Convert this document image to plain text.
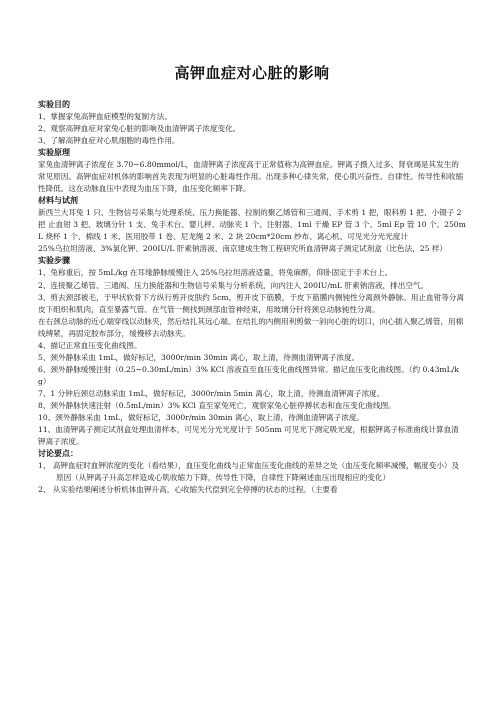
高钾血症对心脏的影响

实验目的

1、掌握家兔高钾血症模型的复制方法。

2、观察高钾血症对家兔心脏的影响及血清钾离子浓度变化。

3、了解高钾血症对心肌细胞的毒性作用。

实验原理

家兔血清钾离子浓度在 3.70~6.80mmol/L，血清钾离子浓度高于正常值称为高钾血症。钾离子摄入过多、肾衰竭是其发生的常见原因。高钾血症对机体的影响首先表现为明显的心脏毒性作用。出现多种心律失常，使心肌兴奋性、自律性、传导性和收缩性降低。这在动脉血压中表现为血压下降，血压变化频率下降。

材料与试剂

新西兰大耳兔 1 只、生物信号采集与处理系统、压力换能器、拉制的聚乙烯管和三通阀、手术剪 1 把，眼科剪 1 把、小镊子 2 把 止血钳 3 把、玻璃分针 1 支、兔手术台、婴儿秤、动脉夹 1 个、注射器、1ml 干燥 EP 管 3 个、5ml Ep 管 10 个、250mL 烧杯 1 个、棉线 1 米、医用胶带 1 卷、尼龙绳 2 米、2 块 20cm*20cm 纱布、离心机、可见光分光光度计

25%乌拉坦溶液、3%氯化钾、200IU/L 肝素钠溶液、南京建成生物工程研究所血清钾离子测定试剂盒（比色法，25 样）

实验步骤

1、兔称重后，按 5mL/kg 在耳缘静脉缓慢注入 25%乌拉坦溶液适量，将兔麻醉，仰卧固定于手术台上。

2、连接聚乙烯管、三通阀、压力换能器和生物信号采集与分析系统，向内注入 200IU/mL 肝素钠溶液，排出空气。

3、剪去颈部被毛，于甲状软骨下方纵行剪开皮肤约 5cm。剪开皮下筋膜，于皮下筋膜内侧钝性分离颈外静脉。用止血钳等分离皮下组织和肌肉，直至暴露气管。在气管一侧找到颈部血管神经束，用玻璃分针将颈总动脉钝性分离。

在右颈总动脉的近心端穿线以动脉夹，然后结扎其远心端。在结扎的内侧用利剪做一斜向心脏的切口，向心插入聚乙烯管，用棉线缚紧，再固定胶布部分，缓慢移去动脉夹。

4、描记正常血压变化曲线图。

5、颈外静脉采血 1mL，做好标记，3000r/min 30min 离心，取上清，待测血清钾离子浓度。

6、颈外静脉缓慢注射（0.25~0.30mL/min）3% KCl 溶液直至血压变化曲线图异常。描记血压变化曲线图。（约 0.43mL/kg）

7、1 分钟后颈总动脉采血 1mL，做好标记，3000r/min 5min 离心，取上清，待测血清钾离子浓度。

8、颈外静脉快速注射（0.5mL/min）3% KCl 直至家兔死亡，观察家兔心脏停搏状态和血压变化曲线图。

10、颈外静脉采血 1mL，做好标记，3000r/min 30min 离心，取上清，待测血清钾离子浓度。

11、血清钾离子测定试剂盒处理血清样本，可见光分光光度计于 505nm 可见光下测定吸光度，根据钾离子标准曲线计算血清钾离子浓度。

讨论要点：

1、 高钾血症时血钾浓度的变化（看结果），血压变化曲线与正常血压变化曲线的差异之处（血压变化频率减慢，幅度变小）及原因（从钾离子升高怎样造成心肌收缩力下降，传导性下降，自律性下降阐述血压出现相应的变化）

2、 从实验结果阐述分析机体血钾升高，心收缩失代偿到完全停搏的状态的过程。（主要看
